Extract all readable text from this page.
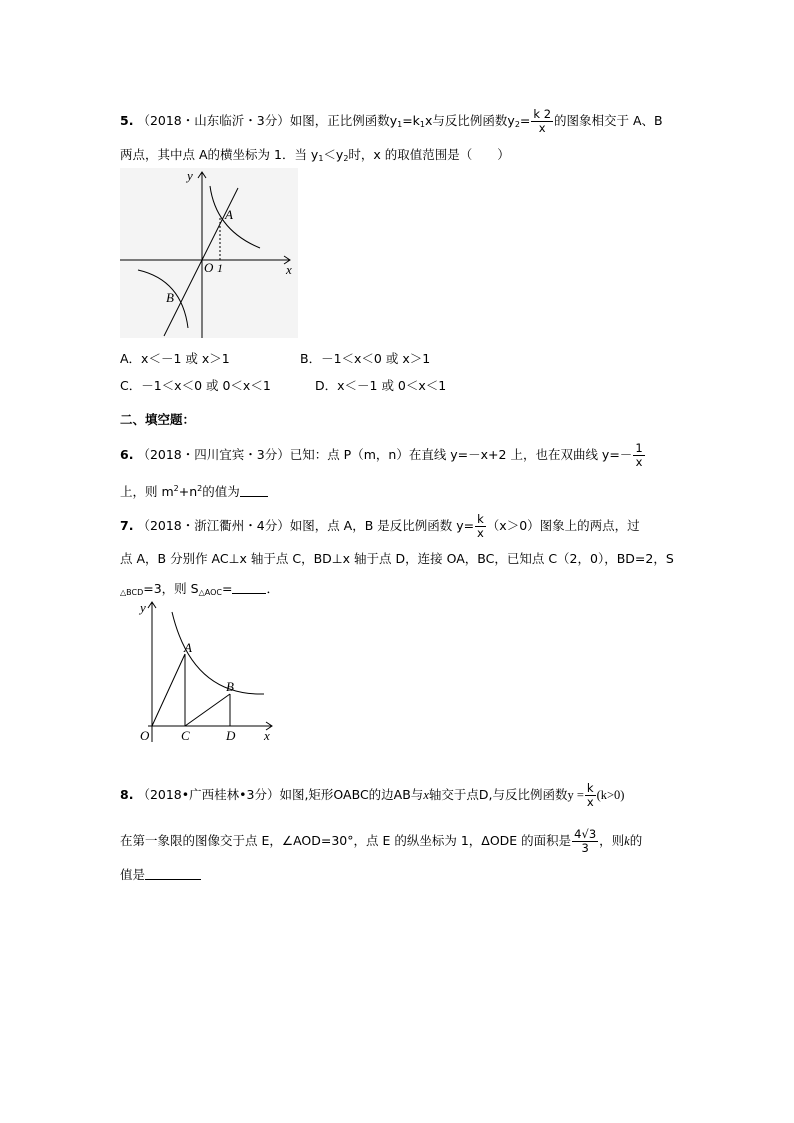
5. （2018・山东临沂・3分）如图，正比例函数$y_1=k_1x$与反比例函数$y_2= \frac{k 2}{x}$ 的图象相交于 A、B
两点，其中点 A的横坐标为 1．当 $y_1<y_2$时，x 的取值范围是（　　）
y
x
O 1
A
B
A．x＜－1 或 x＞1	B．－1＜x＜0 或 x＞1
C．－1＜x＜0 或 0＜x＜1	D．x＜－1 或 0＜x＜1
二、填空题：
6. （2018・四川宜宾・3分）已知：点 P（m，n）在直线 y=－x+2 上，也在双曲线 $y=- \frac{1}{x}$
上，则 $m^2+n^2$的值为
7. （2018・浙江衢州・4分）如图，点 A，B 是反比例函数 $y= \frac{k}{x} (x>0)$图象上的两点，过
点 A，B 分别作 AC⊥x 轴于点 C，BD⊥x 轴于点 D，连接 OA，BC，已知点 C（2，0），BD=2，S
$_{\triangle BCD}$=3，则 $S_{\triangle AOC}=$	．
y
x
O C	D
A
B
8. （2018•广西桂林•3分）如图,矩形OABC的边AB与x轴交于点D,与反比例函数$y = \frac{k}{x} (k>0)$
在第一象限的图像交于点 E，∠AOD=30°，点 E 的纵坐标为 1，ΔODE 的面积是 $\frac{4√3}{3}$ ，则k的
值是
